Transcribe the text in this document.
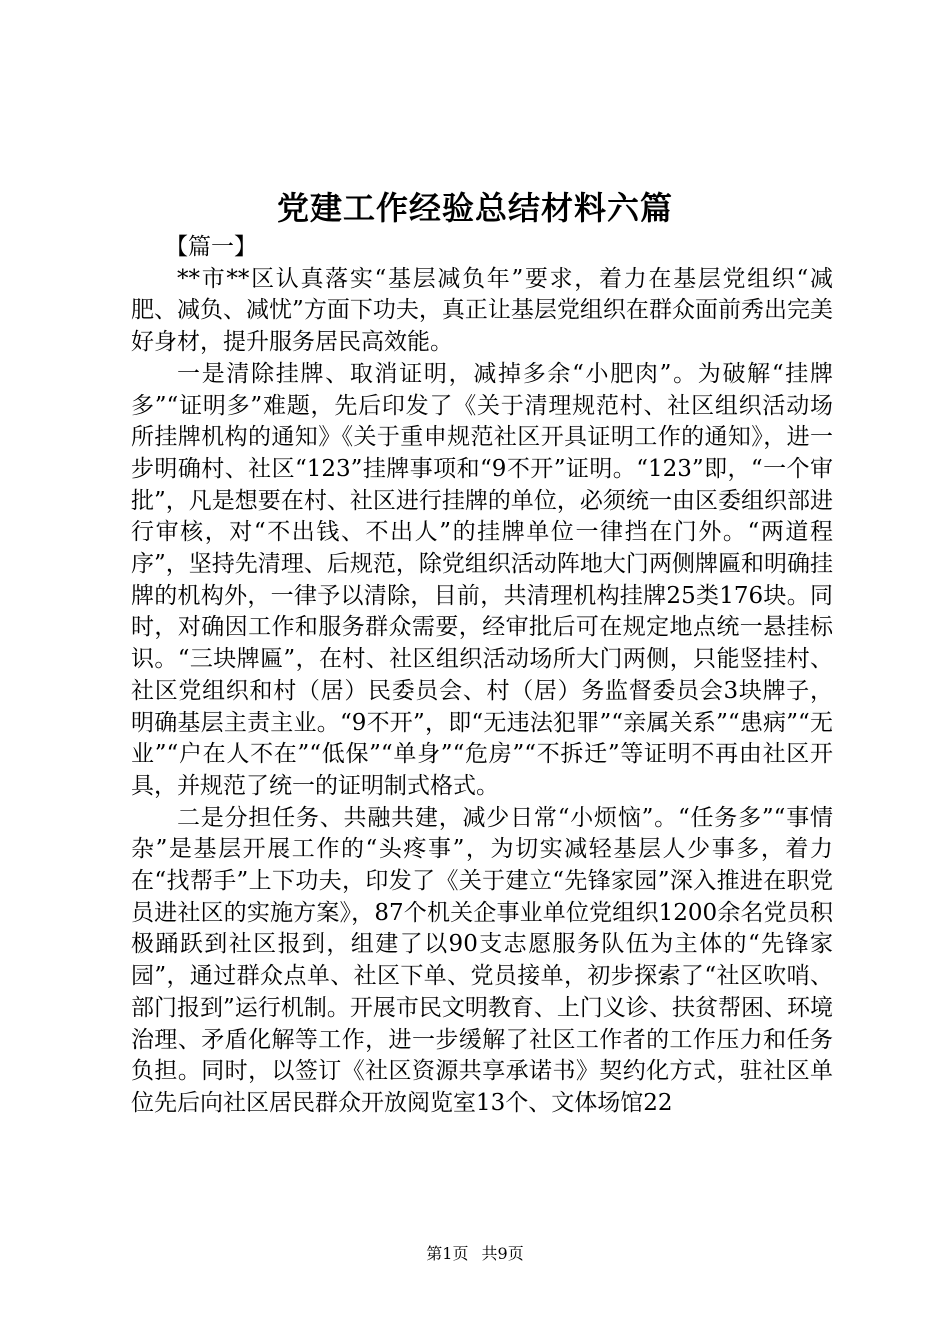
党建工作经验总结材料六篇

【篇一】

**市**区认真落实“基层减负年”要求，着力在基层党组织“减肥、减负、减忧”方面下功夫，真正让基层党组织在群众面前秀出完美好身材，提升服务居民高效能。

一是清除挂牌、取消证明，减掉多余“小肥肉”。为破解“挂牌多”“证明多”难题，先后印发了《关于清理规范村、社区组织活动场所挂牌机构的通知》《关于重申规范社区开具证明工作的通知》，进一步明确村、社区“123”挂牌事项和“9不开”证明。“123”即，“一个审批”，凡是想要在村、社区进行挂牌的单位，必须统一由区委组织部进行审核，对“不出钱、不出人”的挂牌单位一律挡在门外。“两道程序”，坚持先清理、后规范，除党组织活动阵地大门两侧牌匾和明确挂牌的机构外，一律予以清除，目前，共清理机构挂牌25类176块。同时，对确因工作和服务群众需要，经审批后可在规定地点统一悬挂标识。“三块牌匾”，在村、社区组织活动场所大门两侧，只能竖挂村、社区党组织和村（居）民委员会、村（居）务监督委员会3块牌子，明确基层主责主业。“9不开”，即“无违法犯罪”“亲属关系”“患病”“无业”“户在人不在”“低保”“单身”“危房”“不拆迁”等证明不再由社区开具，并规范了统一的证明制式格式。

二是分担任务、共融共建，减少日常“小烦恼”。“任务多”“事情杂”是基层开展工作的“头疼事”，为切实减轻基层人少事多，着力在“找帮手”上下功夫，印发了《关于建立“先锋家园”深入推进在职党员进社区的实施方案》，87个机关企事业单位党组织1200余名党员积极踊跃到社区报到，组建了以90支志愿服务队伍为主体的“先锋家园”，通过群众点单、社区下单、党员接单，初步探索了“社区吹哨、部门报到”运行机制。开展市民文明教育、上门义诊、扶贫帮困、环境治理、矛盾化解等工作，进一步缓解了社区工作者的工作压力和任务负担。同时，以签订《社区资源共享承诺书》契约化方式，驻社区单位先后向社区居民群众开放阅览室13个、文体场馆22

第1页 共9页
